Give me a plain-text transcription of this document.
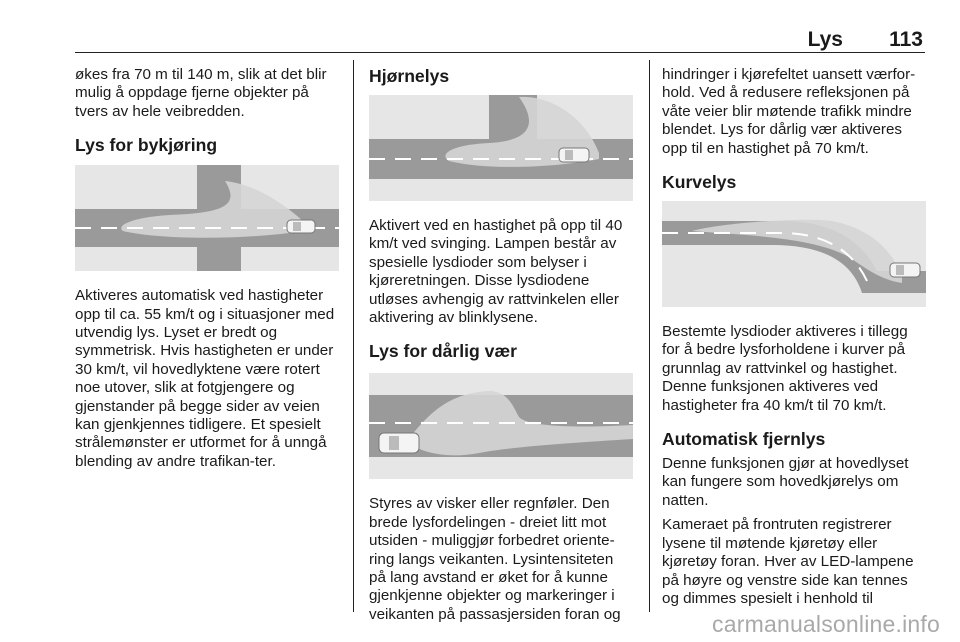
Lys 113

økes fra 70 m til 140 m, slik at det blir mulig å oppdage fjerne objekter på tvers av hele veibredden.

Lys for bykjøring

Aktiveres automatisk ved hastigheter opp til ca. 55 km/t og i situasjoner med utvendig lys. Lyset er bredt og symmetrisk. Hvis hastigheten er under 30 km/t, vil hovedlyktene være rotert noe utover, slik at fotgjengere og gjenstander på begge sider av veien kan gjenkjennes tidligere. Et spesielt strålemønster er utformet for å unngå blending av andre trafikan-ter.

Hjørnelys

Aktivert ved en hastighet på opp til 40 km/t ved svinging. Lampen består av spesielle lysdioder som belyser i kjøreretningen. Disse lysdiodene utløses avhengig av rattvinkelen eller aktivering av blinklysene.

Lys for dårlig vær

Styres av visker eller regnføler. Den brede lysfordelingen - dreiet litt mot utsiden - muliggjør forbedret oriente-ring langs veikanten. Lysintensiteten på lang avstand er øket for å kunne gjenkjenne objekter og markeringer i veikanten på passasjersiden foran og

hindringer i kjørefeltet uansett værfor-hold. Ved å redusere refleksjonen på våte veier blir møtende trafikk mindre blendet. Lys for dårlig vær aktiveres opp til en hastighet på 70 km/t.

Kurvelys

Bestemte lysdioder aktiveres i tillegg for å bedre lysforholdene i kurver på grunnlag av rattvinkel og hastighet. Denne funksjonen aktiveres ved hastigheter fra 40 km/t til 70 km/t.

Automatisk fjernlys

Denne funksjonen gjør at hovedlyset kan fungere som hovedkjørelys om natten.

Kameraet på frontruten registrerer lysene til møtende kjøretøy eller kjøretøy foran. Hver av LED-lampene på høyre og venstre side kan tennes og dimmes spesielt i henhold til

carmanualsonline.info
